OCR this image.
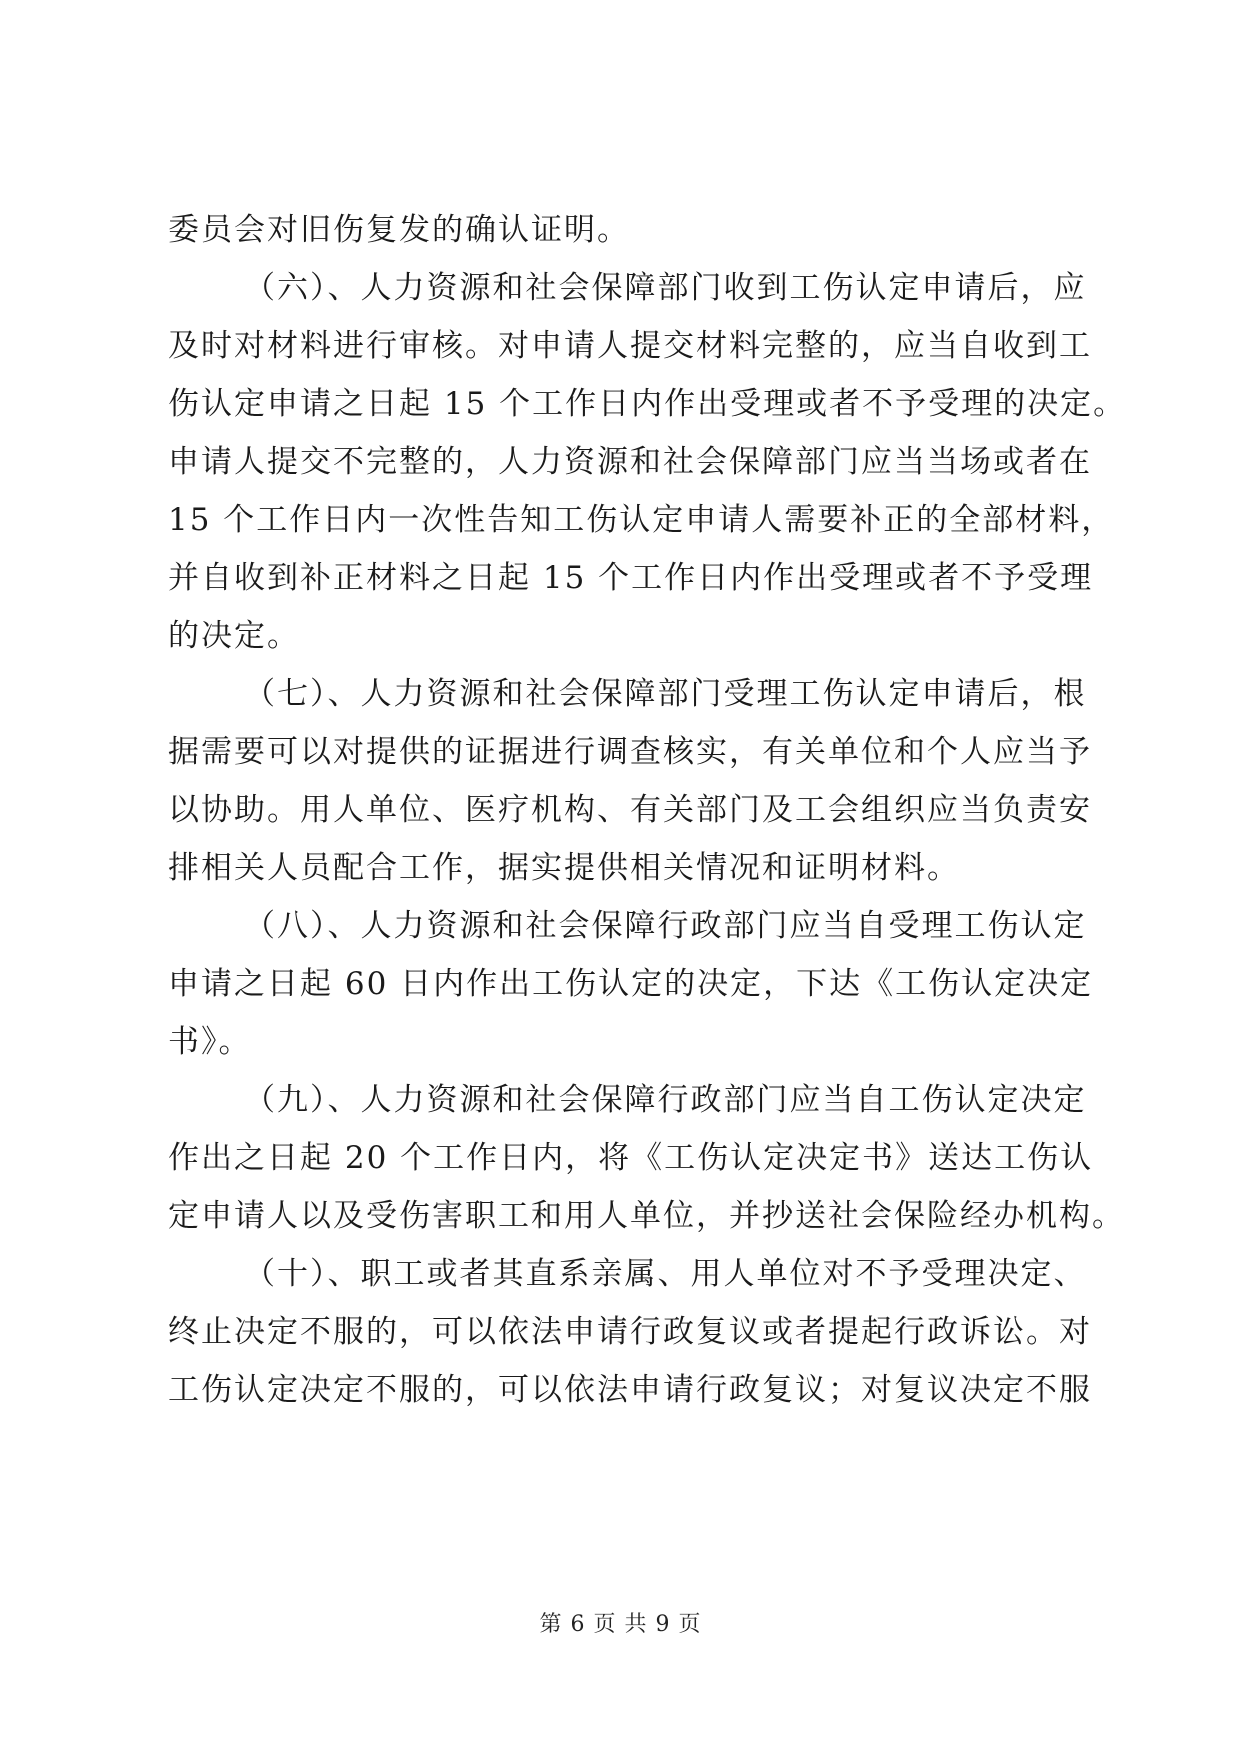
委员会对旧伤复发的确认证明。
（六）、人力资源和社会保障部门收到工伤认定申请后，应
及时对材料进行审核。对申请人提交材料完整的，应当自收到工
伤认定申请之日起 15 个工作日内作出受理或者不予受理的决定。
申请人提交不完整的，人力资源和社会保障部门应当当场或者在
15 个工作日内一次性告知工伤认定申请人需要补正的全部材料，
并自收到补正材料之日起 15 个工作日内作出受理或者不予受理
的决定。
（七）、人力资源和社会保障部门受理工伤认定申请后，根
据需要可以对提供的证据进行调查核实，有关单位和个人应当予
以协助。用人单位、医疗机构、有关部门及工会组织应当负责安
排相关人员配合工作，据实提供相关情况和证明材料。
（八）、人力资源和社会保障行政部门应当自受理工伤认定
申请之日起 60 日内作出工伤认定的决定，下达《工伤认定决定
书》。
（九）、人力资源和社会保障行政部门应当自工伤认定决定
作出之日起 20 个工作日内，将《工伤认定决定书》送达工伤认
定申请人以及受伤害职工和用人单位，并抄送社会保险经办机构。
（十）、职工或者其直系亲属、用人单位对不予受理决定、
终止决定不服的，可以依法申请行政复议或者提起行政诉讼。对
工伤认定决定不服的，可以依法申请行政复议；对复议决定不服
第 6 页 共 9 页
